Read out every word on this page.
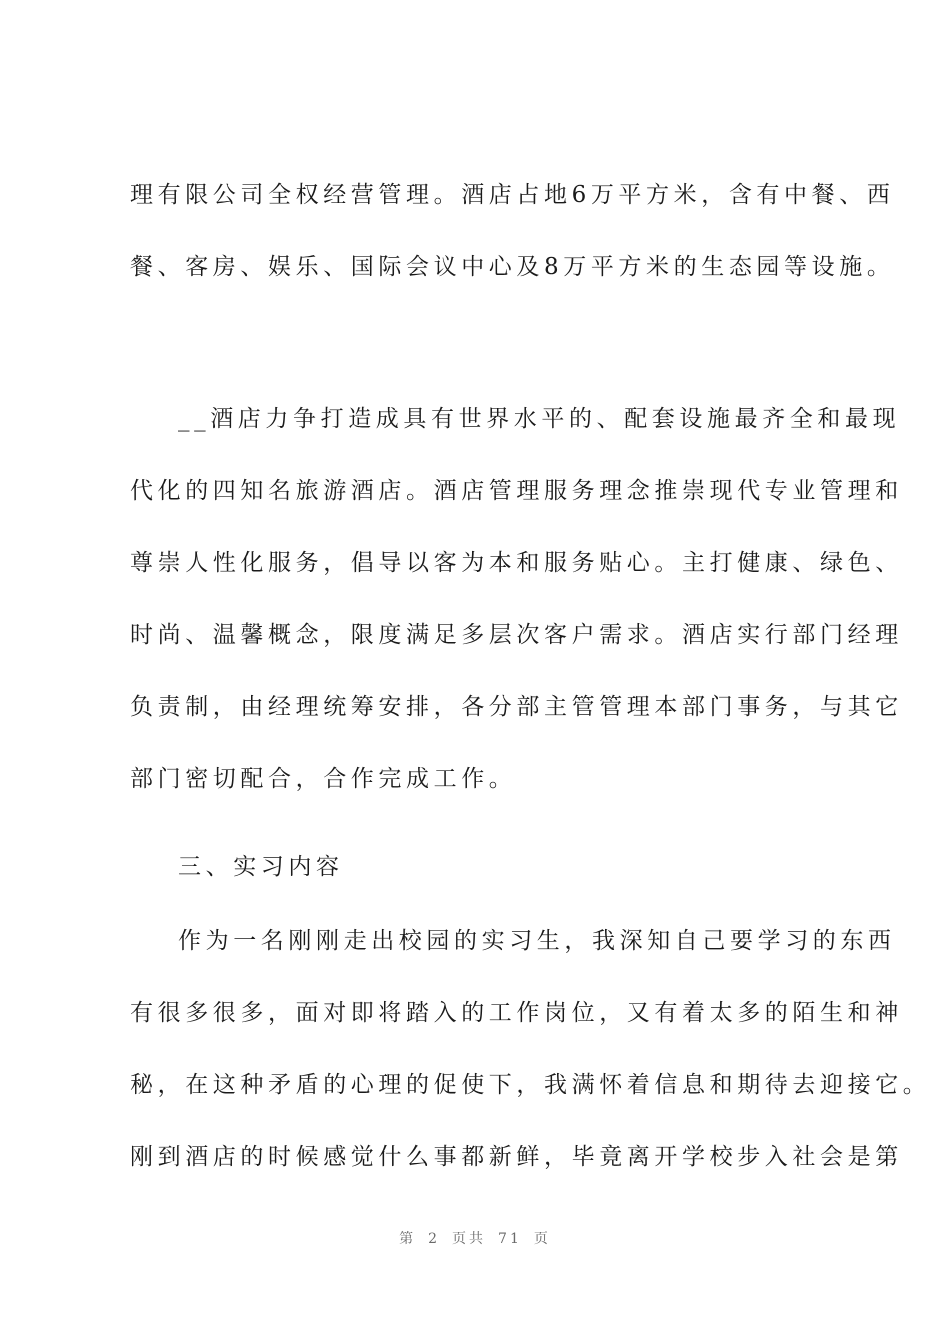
理有限公司全权经营管理。酒店占地6万平方米，含有中餐、西
餐、客房、娱乐、国际会议中心及8万平方米的生态园等设施。
__酒店力争打造成具有世界水平的、配套设施最齐全和最现
代化的四知名旅游酒店。酒店管理服务理念推崇现代专业管理和
尊崇人性化服务，倡导以客为本和服务贴心。主打健康、绿色、
时尚、温馨概念，限度满足多层次客户需求。酒店实行部门经理
负责制，由经理统筹安排，各分部主管管理本部门事务，与其它
部门密切配合，合作完成工作。
三、实习内容
作为一名刚刚走出校园的实习生，我深知自己要学习的东西
有很多很多，面对即将踏入的工作岗位，又有着太多的陌生和神
秘，在这种矛盾的心理的促使下，我满怀着信息和期待去迎接它。
刚到酒店的时候感觉什么事都新鲜，毕竟离开学校步入社会是第
第 2 页共 71 页
